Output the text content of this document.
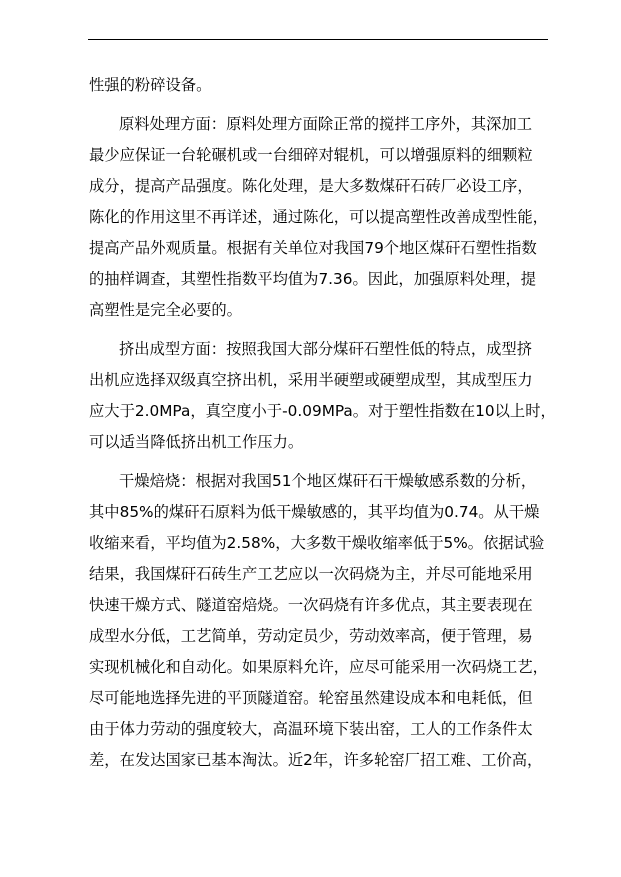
性强的粉碎设备。
原料处理方面：原料处理方面除正常的搅拌工序外，其深加工
最少应保证一台轮碾机或一台细碎对辊机，可以增强原料的细颗粒
成分，提高产品强度。陈化处理，是大多数煤矸石砖厂必设工序，
陈化的作用这里不再详述，通过陈化，可以提高塑性改善成型性能，
提高产品外观质量。根据有关单位对我国79个地区煤矸石塑性指数
的抽样调查，其塑性指数平均值为7.36。因此，加强原料处理，提
高塑性是完全必要的。
挤出成型方面：按照我国大部分煤矸石塑性低的特点，成型挤
出机应选择双级真空挤出机，采用半硬塑或硬塑成型，其成型压力
应大于2.0MPa，真空度小于-0.09MPa。对于塑性指数在10以上时，
可以适当降低挤出机工作压力。
干燥焙烧：根据对我国51个地区煤矸石干燥敏感系数的分析，
其中85%的煤矸石原料为低干燥敏感的，其平均值为0.74。从干燥
收缩来看，平均值为2.58%，大多数干燥收缩率低于5%。依据试验
结果，我国煤矸石砖生产工艺应以一次码烧为主，并尽可能地采用
快速干燥方式、隧道窑焙烧。一次码烧有许多优点，其主要表现在
成型水分低，工艺简单，劳动定员少，劳动效率高，便于管理，易
实现机械化和自动化。如果原料允许，应尽可能采用一次码烧工艺，
尽可能地选择先进的平顶隧道窑。轮窑虽然建设成本和电耗低，但
由于体力劳动的强度较大，高温环境下装出窑，工人的工作条件太
差，在发达国家已基本淘汰。近2年，许多轮窑厂招工难、工价高，
